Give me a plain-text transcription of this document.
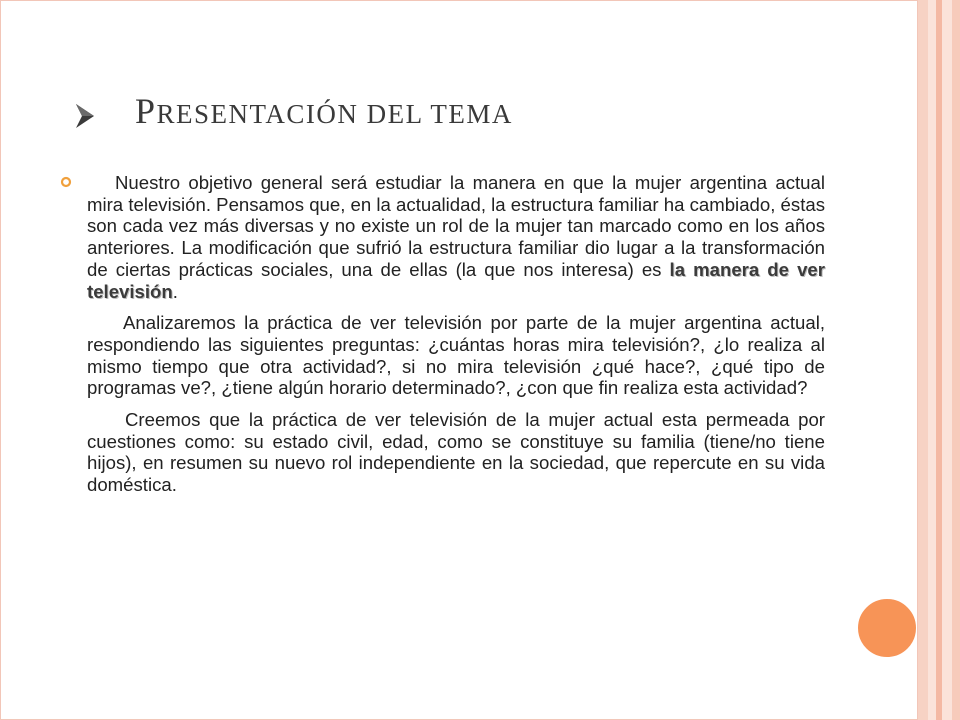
PRESENTACIÓN DEL TEMA

Nuestro objetivo general será estudiar la manera en que la mujer argentina actual mira televisión. Pensamos que, en la actualidad, la estructura familiar ha cambiado, éstas son cada vez más diversas y no existe un rol de la mujer tan marcado como en los años anteriores. La modificación que sufrió la estructura familiar dio lugar a la transformación de ciertas prácticas sociales, una de ellas (la que nos interesa) es la manera de ver televisión.

Analizaremos la práctica de ver televisión por parte de la mujer argentina actual, respondiendo las siguientes preguntas: ¿cuántas horas mira televisión?, ¿lo realiza al mismo tiempo que otra actividad?, si no mira televisión ¿qué hace?, ¿qué tipo de programas ve?, ¿tiene algún horario determinado?, ¿con que fin realiza esta actividad?

Creemos que la práctica de ver televisión de la mujer actual esta permeada por cuestiones como: su estado civil, edad, como se constituye su familia (tiene/no tiene hijos), en resumen su nuevo rol independiente en la sociedad, que repercute en su vida doméstica.
